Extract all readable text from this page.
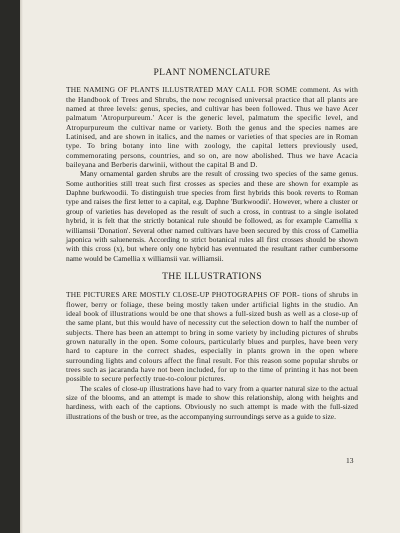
PLANT NOMENCLATURE

THE NAMING OF PLANTS ILLUSTRATED MAY CALL FOR SOME comment. As with the Handbook of Trees and Shrubs, the now recognised universal practice that all plants are named at three levels: genus, species, and cultivar has been followed. Thus we have Acer palmatum 'Atropurpureum.' Acer is the generic level, palmatum the specific level, and Atropurpureum the cultivar name or variety. Both the genus and the species names are Latinised, and are shown in italics, and the names or varieties of that species are in Roman type. To bring botany into line with zoology, the capital letters previously used, commemorating persons, countries, and so on, are now abolished. Thus we have Acacia baileyana and Berberis darwinii, without the capital B and D.

Many ornamental garden shrubs are the result of crossing two species of the same genus. Some authorities still treat such first crosses as species and these are shown for example as Daphne burkwoodii. To distinguish true species from first hybrids this book reverts to Roman type and raises the first letter to a capital, e.g. Daphne 'Burkwoodii'. However, where a cluster or group of varieties has developed as the result of such a cross, in contrast to a single isolated hybrid, it is felt that the strictly botanical rule should be followed, as for example Camellia x williamsii 'Donation'. Several other named cultivars have been secured by this cross of Camellia japonica with saluenensis. According to strict botanical rules all first crosses should be shown with this cross (x), but where only one hybrid has eventuated the resultant rather cumbersome name would be Camellia x williamsii var. williamsii.

THE ILLUSTRATIONS

THE PICTURES ARE MOSTLY CLOSE-UP PHOTOGRAPHS OF POR- tions of shrubs in flower, berry or foliage, these being mostly taken under artificial lights in the studio. An ideal book of illustrations would be one that shows a full-sized bush as well as a close-up of the same plant, but this would have of necessity cut the selection down to half the number of subjects. There has been an attempt to bring in some variety by including pictures of shrubs grown naturally in the open. Some colours, particularly blues and purples, have been very hard to capture in the correct shades, especially in plants grown in the open where surrounding lights and colours affect the final result. For this reason some popular shrubs or trees such as jacaranda have not been included, for up to the time of printing it has not been possible to secure perfectly true-to-colour pictures.

The scales of close-up illustrations have had to vary from a quarter natural size to the actual size of the blooms, and an attempt is made to show this relationship, along with heights and hardiness, with each of the captions. Obviously no such attempt is made with the full-sized illustrations of the bush or tree, as the accompanying surroundings serve as a guide to size.

13
